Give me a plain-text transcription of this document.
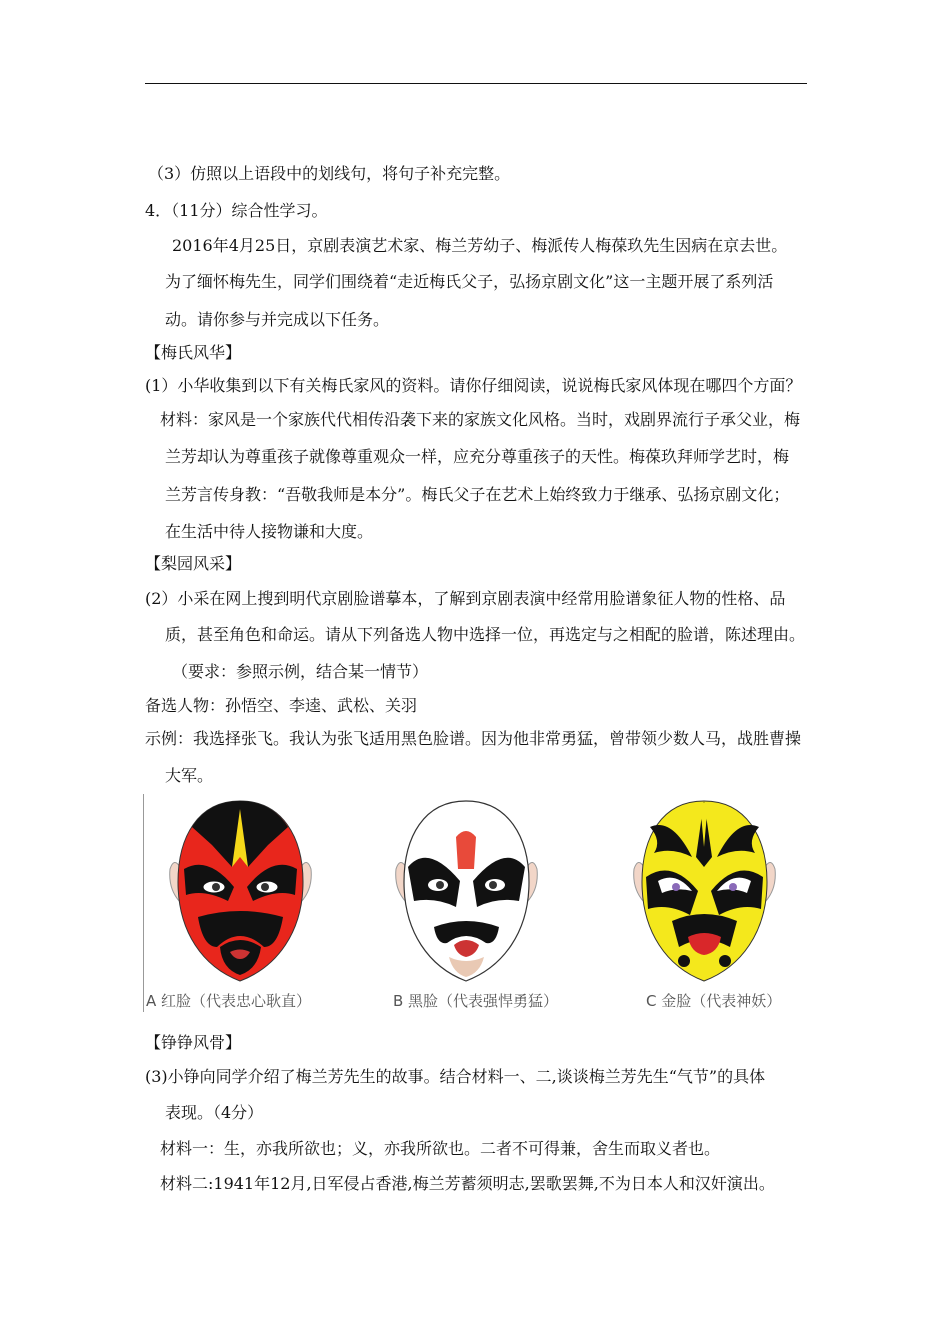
（3）仿照以上语段中的划线句，将句子补充完整。
4．（11分）综合性学习。
2016年4月25日，京剧表演艺术家、梅兰芳幼子、梅派传人梅葆玖先生因病在京去世。
为了缅怀梅先生，同学们围绕着“走近梅氏父子，弘扬京剧文化”这一主题开展了系列活
动。请你参与并完成以下任务。
【梅氏风华】
(1）小华收集到以下有关梅氏家风的资料。请你仔细阅读，说说梅氏家风体现在哪四个方面？
材料：家风是一个家族代代相传沿袭下来的家族文化风格。当时，戏剧界流行子承父业，梅
兰芳却认为尊重孩子就像尊重观众一样，应充分尊重孩子的天性。梅葆玖拜师学艺时，梅
兰芳言传身教：“吾敬我师是本分”。梅氏父子在艺术上始终致力于继承、弘扬京剧文化；
在生活中待人接物谦和大度。
【梨园风采】
(2）小采在网上搜到明代京剧脸谱摹本，了解到京剧表演中经常用脸谱象征人物的性格、品
质，甚至角色和命运。请从下列备选人物中选择一位，再选定与之相配的脸谱，陈述理由。
（要求：参照示例，结合某一情节）
备选人物：孙悟空、李逵、武松、关羽
示例：我选择张飞。我认为张飞适用黑色脸谱。因为他非常勇猛，曾带领少数人马，战胜曹操
大军。
A 红脸（代表忠心耿直）	B 黑脸（代表强悍勇猛）	C 金脸（代表神妖）
【铮铮风骨】
(3)小铮向同学介绍了梅兰芳先生的故事。结合材料一、二,谈谈梅兰芳先生“气节”的具体
表现。（4分）
材料一：生，亦我所欲也；义，亦我所欲也。二者不可得兼，舍生而取义者也。
材料二:1941年12月,日军侵占香港,梅兰芳蓄须明志,罢歌罢舞,不为日本人和汉奸演出。
